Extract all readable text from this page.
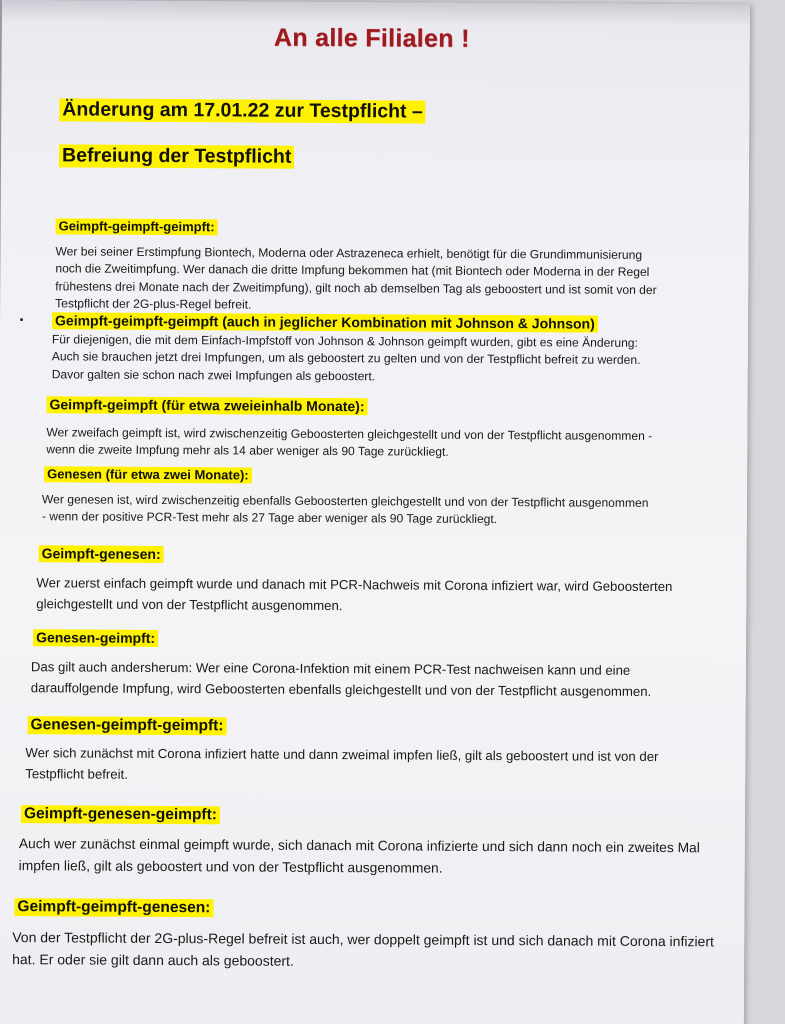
An alle Filialen !
Änderung am 17.01.22 zur Testpflicht –
Befreiung der Testpflicht
Geimpft-geimpft-geimpft:
Wer bei seiner Erstimpfung Biontech, Moderna oder Astrazeneca erhielt, benötigt für die Grundimmunisierung
noch die Zweitimpfung. Wer danach die dritte Impfung bekommen hat (mit Biontech oder Moderna in der Regel
frühestens drei Monate nach der Zweitimpfung), gilt noch ab demselben Tag als geboostert und ist somit von der
Testpflicht der 2G-plus-Regel befreit.
Geimpft-geimpft-geimpft (auch in jeglicher Kombination mit Johnson & Johnson)
Für diejenigen, die mit dem Einfach-Impfstoff von Johnson & Johnson geimpft wurden, gibt es eine Änderung:
Auch sie brauchen jetzt drei Impfungen, um als geboostert zu gelten und von der Testpflicht befreit zu werden.
Davor galten sie schon nach zwei Impfungen als geboostert.
Geimpft-geimpft (für etwa zweieinhalb Monate):
Wer zweifach geimpft ist, wird zwischenzeitig Geboosterten gleichgestellt und von der Testpflicht ausgenommen -
wenn die zweite Impfung mehr als 14 aber weniger als 90 Tage zurückliegt.
Genesen (für etwa zwei Monate):
Wer genesen ist, wird zwischenzeitig ebenfalls Geboosterten gleichgestellt und von der Testpflicht ausgenommen
- wenn der positive PCR-Test mehr als 27 Tage aber weniger als 90 Tage zurückliegt.
Geimpft-genesen:
Wer zuerst einfach geimpft wurde und danach mit PCR-Nachweis mit Corona infiziert war, wird Geboosterten
gleichgestellt und von der Testpflicht ausgenommen.
Genesen-geimpft:
Das gilt auch andersherum: Wer eine Corona-Infektion mit einem PCR-Test nachweisen kann und eine
darauffolgende Impfung, wird Geboosterten ebenfalls gleichgestellt und von der Testpflicht ausgenommen.
Genesen-geimpft-geimpft:
Wer sich zunächst mit Corona infiziert hatte und dann zweimal impfen ließ, gilt als geboostert und ist von der
Testpflicht befreit.
Geimpft-genesen-geimpft:
Auch wer zunächst einmal geimpft wurde, sich danach mit Corona infizierte und sich dann noch ein zweites Mal
impfen ließ, gilt als geboostert und von der Testpflicht ausgenommen.
Geimpft-geimpft-genesen:
Von der Testpflicht der 2G-plus-Regel befreit ist auch, wer doppelt geimpft ist und sich danach mit Corona infiziert
hat. Er oder sie gilt dann auch als geboostert.
